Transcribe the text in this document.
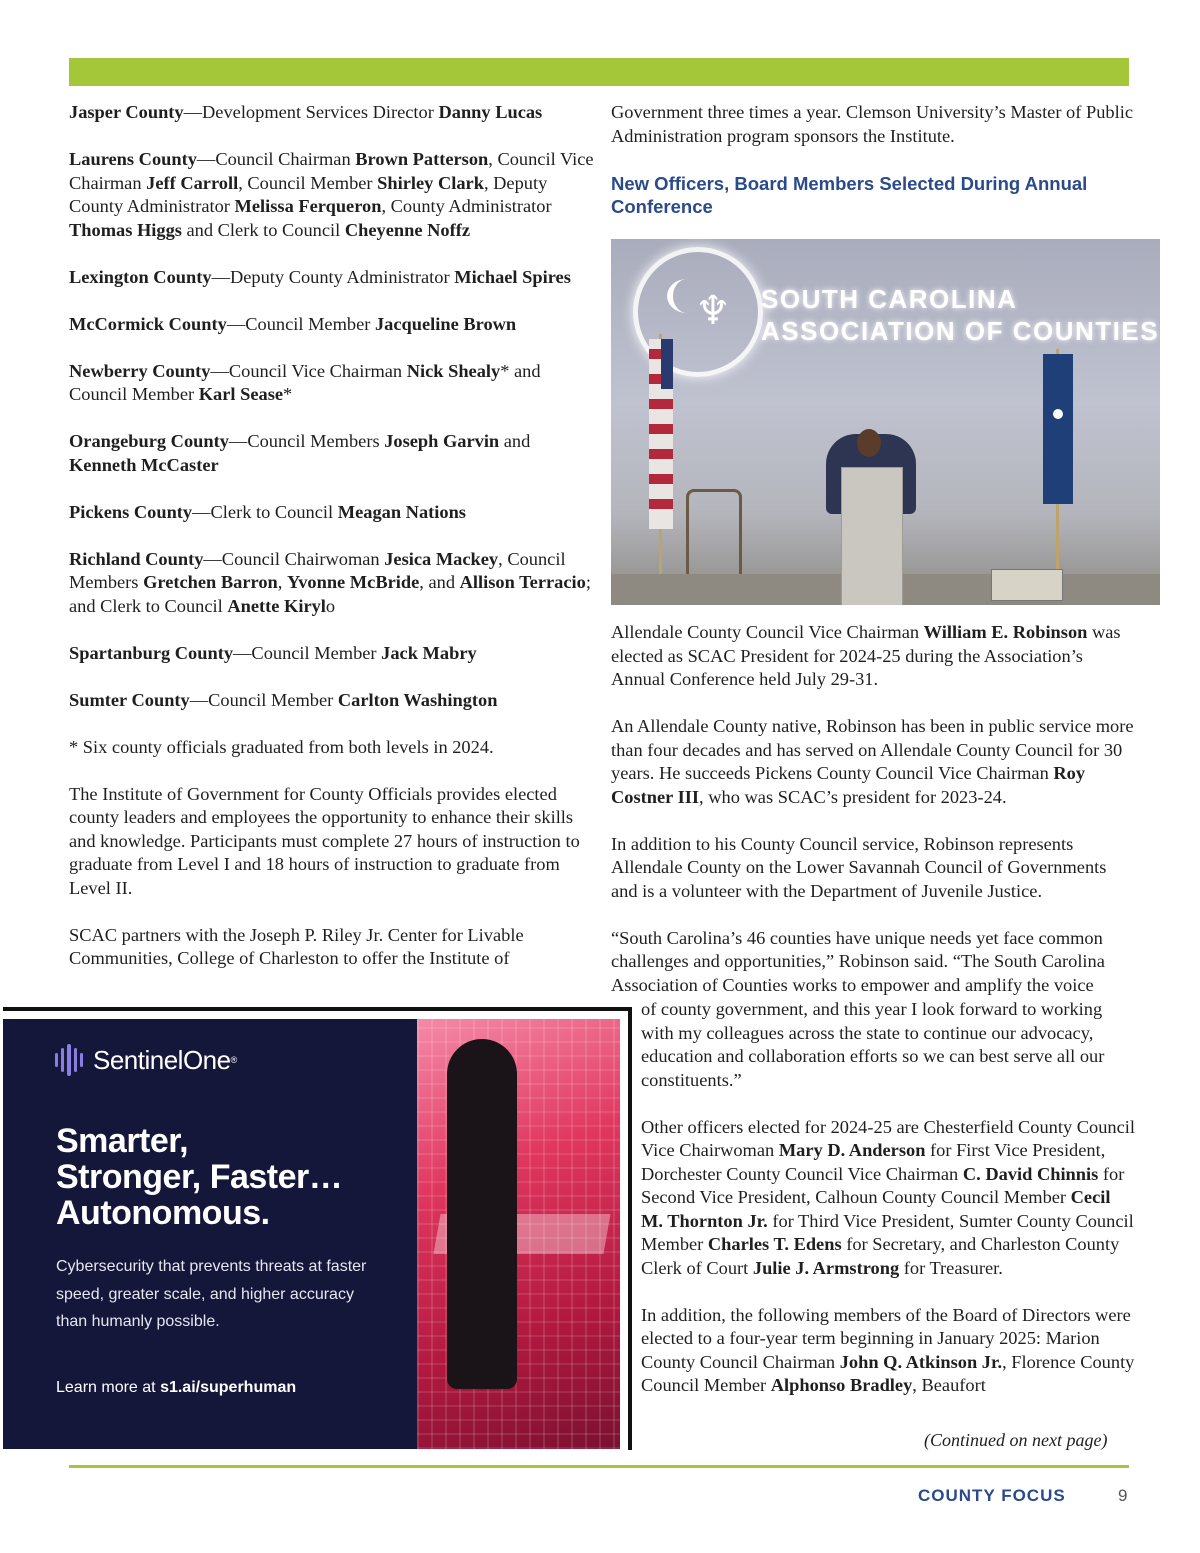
Jasper County—Development Services Director Danny Lucas

Laurens County—Council Chairman Brown Patterson, Council Vice Chairman Jeff Carroll, Council Member Shirley Clark, Deputy County Administrator Melissa Ferqueron, County Administrator Thomas Higgs and Clerk to Council Cheyenne Noffz

Lexington County—Deputy County Administrator Michael Spires

McCormick County—Council Member Jacqueline Brown

Newberry County—Council Vice Chairman Nick Shealy* and Council Member Karl Sease*

Orangeburg County—Council Members Joseph Garvin and Kenneth McCaster

Pickens County—Clerk to Council Meagan Nations

Richland County—Council Chairwoman Jesica Mackey, Council Members Gretchen Barron, Yvonne McBride, and Allison Terracio; and Clerk to Council Anette Kirylo

Spartanburg County—Council Member Jack Mabry

Sumter County—Council Member Carlton Washington

* Six county officials graduated from both levels in 2024.

The Institute of Government for County Officials provides elected county leaders and employees the opportunity to enhance their skills and knowledge. Participants must complete 27 hours of instruction to graduate from Level I and 18 hours of instruction to graduate from Level II.

SCAC partners with the Joseph P. Riley Jr. Center for Livable Communities, College of Charleston to offer the Institute of

Government three times a year. Clemson University’s Master of Public Administration program sponsors the Institute.

New Officers, Board Members Selected During Annual Conference

♆ SOUTH CAROLINA
ASSOCIATION OF COUNTIES

Allendale County Council Vice Chairman William E. Robinson was elected as SCAC President for 2024-25 during the Association’s Annual Conference held July 29-31.

An Allendale County native, Robinson has been in public service more than four decades and has served on Allendale County Council for 30 years. He succeeds Pickens County Council Vice Chairman Roy Costner III, who was SCAC’s president for 2023-24.

In addition to his County Council service, Robinson represents Allendale County on the Lower Savannah Council of Governments and is a volunteer with the Department of Juvenile Justice.

“South Carolina’s 46 counties have unique needs yet face common challenges and opportunities,” Robinson said. “The South Carolina Association of Counties works to empower and amplify the voice

of county government, and this year I look forward to working with my colleagues across the state to continue our advocacy, education and collaboration efforts so we can best serve all our constituents.”

Other officers elected for 2024-25 are Chesterfield County Council Vice Chairwoman Mary D. Anderson for First Vice President, Dorchester County Council Vice Chairman C. David Chinnis for Second Vice President, Calhoun County Council Member Cecil M. Thornton Jr. for Third Vice President, Sumter County Council Member Charles T. Edens for Secretary, and Charleston County Clerk of Court Julie J. Armstrong for Treasurer.

In addition, the following members of the Board of Directors were elected to a four-year term beginning in January 2025: Marion County Council Chairman John Q. Atkinson Jr., Florence County Council Member Alphonso Bradley, Beaufort

SentinelOne ®
Smarter,
Stronger, Faster…
Autonomous.
Cybersecurity that prevents threats at faster speed, greater scale, and higher accuracy than humanly possible.
Learn more at s1.ai/superhuman
(Continued on next page)
COUNTY FOCUS	9
